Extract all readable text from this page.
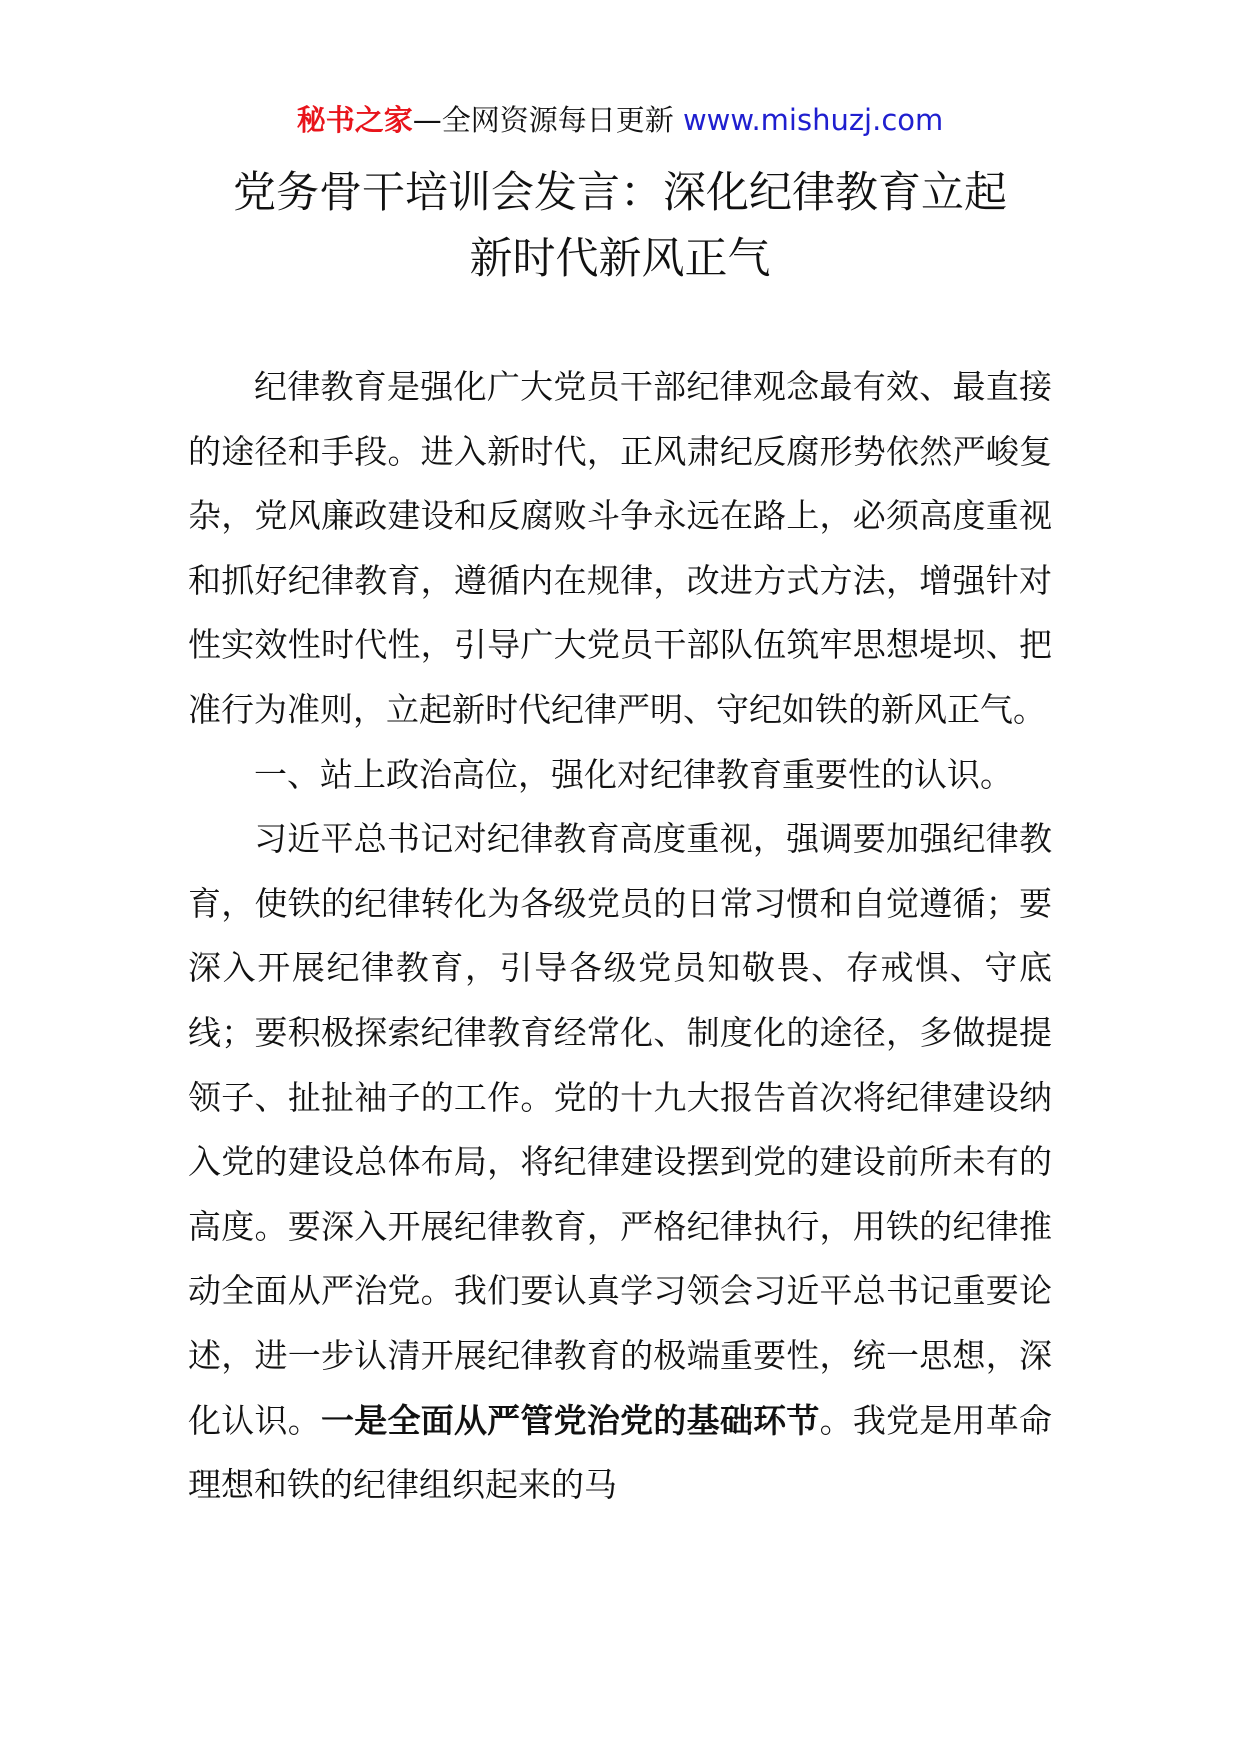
秘书之家—全网资源每日更新 www.mishuzj.com
党务骨干培训会发言：深化纪律教育立起
新时代新风正气

纪律教育是强化广大党员干部纪律观念最有效、最直接的途径和手段。进入新时代，正风肃纪反腐形势依然严峻复杂，党风廉政建设和反腐败斗争永远在路上，必须高度重视和抓好纪律教育，遵循内在规律，改进方式方法，增强针对性实效性时代性，引导广大党员干部队伍筑牢思想堤坝、把准行为准则，立起新时代纪律严明、守纪如铁的新风正气。

一、站上政治高位，强化对纪律教育重要性的认识。

习近平总书记对纪律教育高度重视，强调要加强纪律教育，使铁的纪律转化为各级党员的日常习惯和自觉遵循；要深入开展纪律教育，引导各级党员知敬畏、存戒惧、守底线；要积极探索纪律教育经常化、制度化的途径，多做提提领子、扯扯袖子的工作。党的十九大报告首次将纪律建设纳入党的建设总体布局，将纪律建设摆到党的建设前所未有的高度。要深入开展纪律教育，严格纪律执行，用铁的纪律推动全面从严治党。我们要认真学习领会习近平总书记重要论述，进一步认清开展纪律教育的极端重要性，统一思想，深化认识。一是全面从严管党治党的基础环节。我党是用革命理想和铁的纪律组织起来的马
